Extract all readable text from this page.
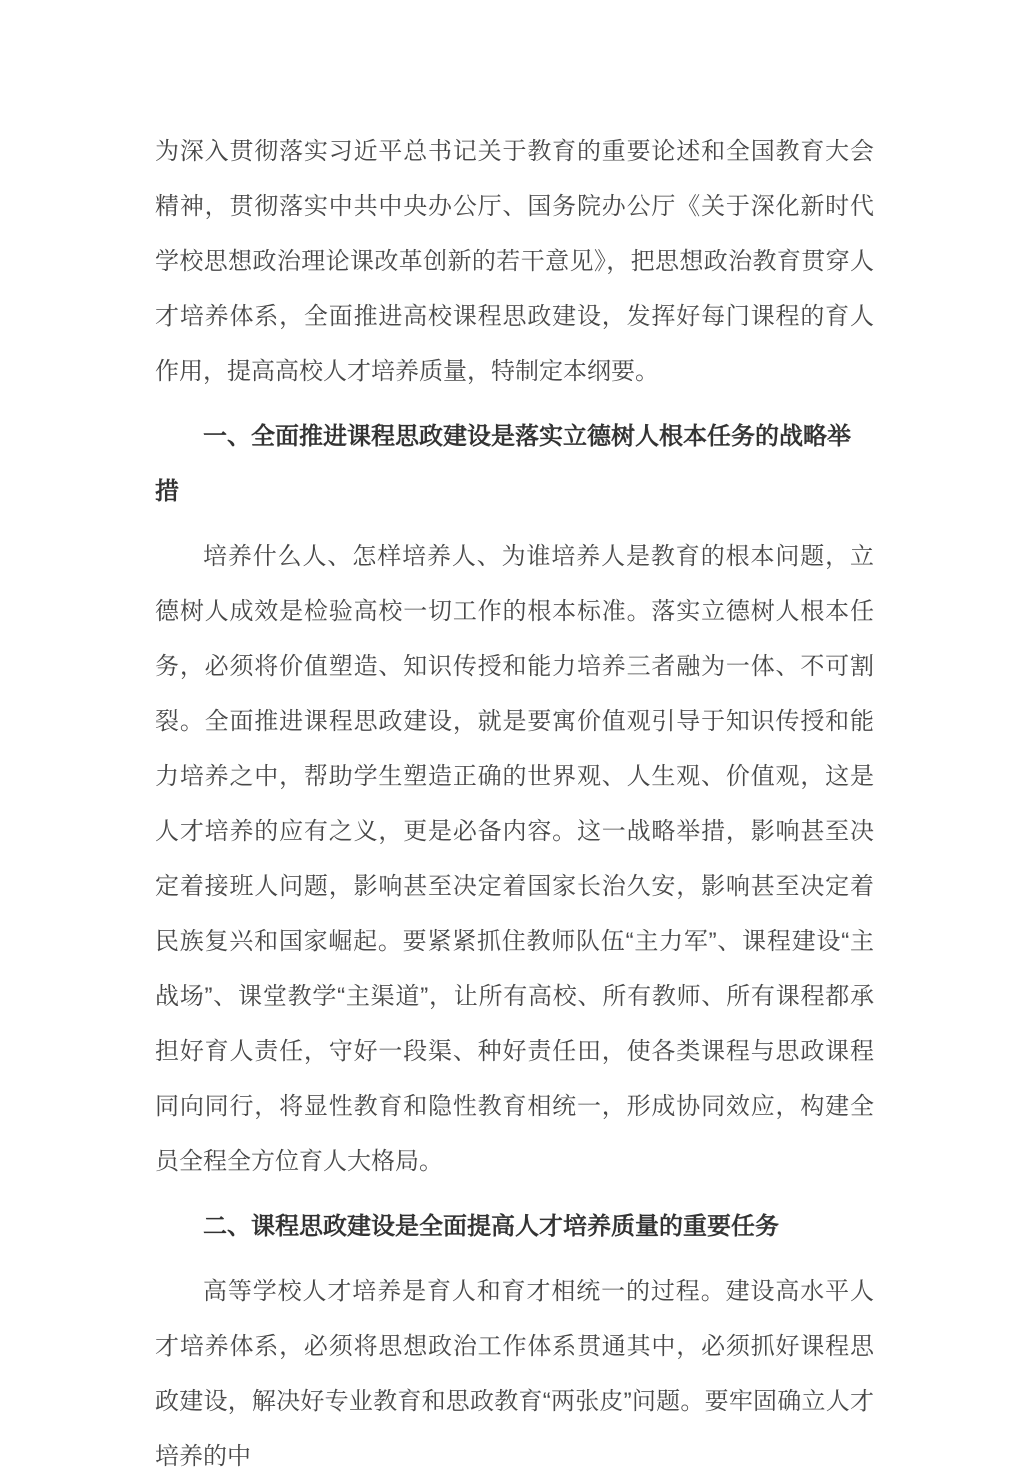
为深入贯彻落实习近平总书记关于教育的重要论述和全国教育大会精神，贯彻落实中共中央办公厅、国务院办公厅《关于深化新时代学校思想政治理论课改革创新的若干意见》，把思想政治教育贯穿人才培养体系，全面推进高校课程思政建设，发挥好每门课程的育人作用，提高高校人才培养质量，特制定本纲要。

一、全面推进课程思政建设是落实立德树人根本任务的战略举措

培养什么人、怎样培养人、为谁培养人是教育的根本问题，立德树人成效是检验高校一切工作的根本标准。落实立德树人根本任务，必须将价值塑造、知识传授和能力培养三者融为一体、不可割裂。全面推进课程思政建设，就是要寓价值观引导于知识传授和能力培养之中，帮助学生塑造正确的世界观、人生观、价值观，这是人才培养的应有之义，更是必备内容。这一战略举措，影响甚至决定着接班人问题，影响甚至决定着国家长治久安，影响甚至决定着民族复兴和国家崛起。要紧紧抓住教师队伍“主力军”、课程建设“主战场”、课堂教学“主渠道”，让所有高校、所有教师、所有课程都承担好育人责任，守好一段渠、种好责任田，使各类课程与思政课程同向同行，将显性教育和隐性教育相统一，形成协同效应，构建全员全程全方位育人大格局。

二、课程思政建设是全面提高人才培养质量的重要任务

高等学校人才培养是育人和育才相统一的过程。建设高水平人才培养体系，必须将思想政治工作体系贯通其中，必须抓好课程思政建设，解决好专业教育和思政教育“两张皮”问题。要牢固确立人才培养的中
